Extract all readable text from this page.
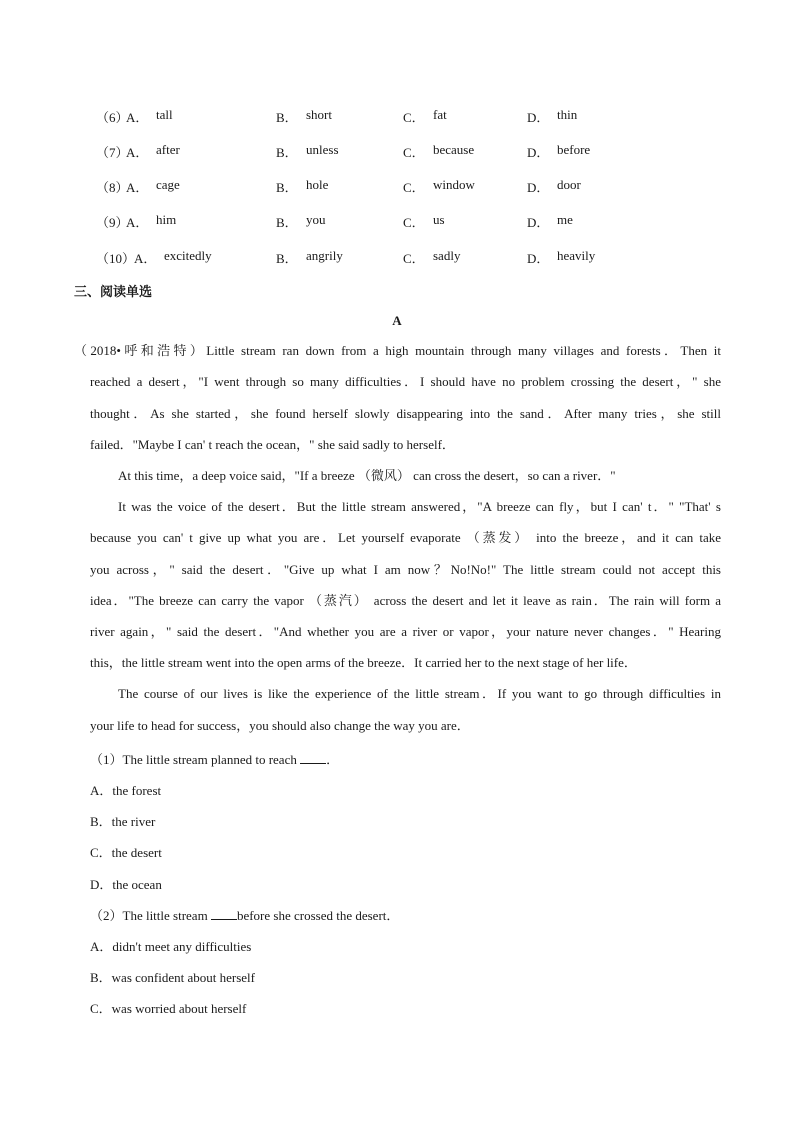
（6）
A． tall	B． short	C． fat	D． thin
（7）
A． after	B． unless	C． because	D． before
（8）
A． cage	B． hole	C． window	D． door
（9）
A． him	B． you	C． us	D． me
（10）
A． excitedly	B． angrily	C． sadly	D． heavily
三、阅读单选
A
（2018•呼和浩特）Little stream ran down from a high mountain through many villages and forests．Then it
reached a desert，"I went through so many difficulties．I should have no problem crossing the desert，" she
thought．As she started，she found herself slowly disappearing into the sand．After many tries，she still
failed．"Maybe I can' t reach the ocean，" she said sadly to herself．
At this time，a deep voice said，"If a breeze （微风） can cross the desert，so can a river．"
It was the voice of the desert．But the little stream answered，"A breeze can fly，but I can' t．" "That' s
because you can' t give up what you are．Let yourself evaporate （蒸发） into the breeze，and it can take
you across，" said the desert．"Give up what I am now？No!No!" The little stream could not accept this
idea．"The breeze can carry the vapor （蒸汽） across the desert and let it leave as rain．The rain will form a
river again，" said the desert．"And whether you are a river or vapor，your nature never changes．" Hearing
this，the little stream went into the open arms of the breeze．It carried her to the next stage of her life．
The course of our lives is like the experience of the little stream．If you want to go through difficulties in
your life to head for success，you should also change the way you are．
（1）The little stream planned to reach ．
A．the forest
B．the river
C．the desert
D．the ocean
（2）The little stream before she crossed the desert．
A．didn't meet any difficulties
B．was confident about herself
C．was worried about herself
